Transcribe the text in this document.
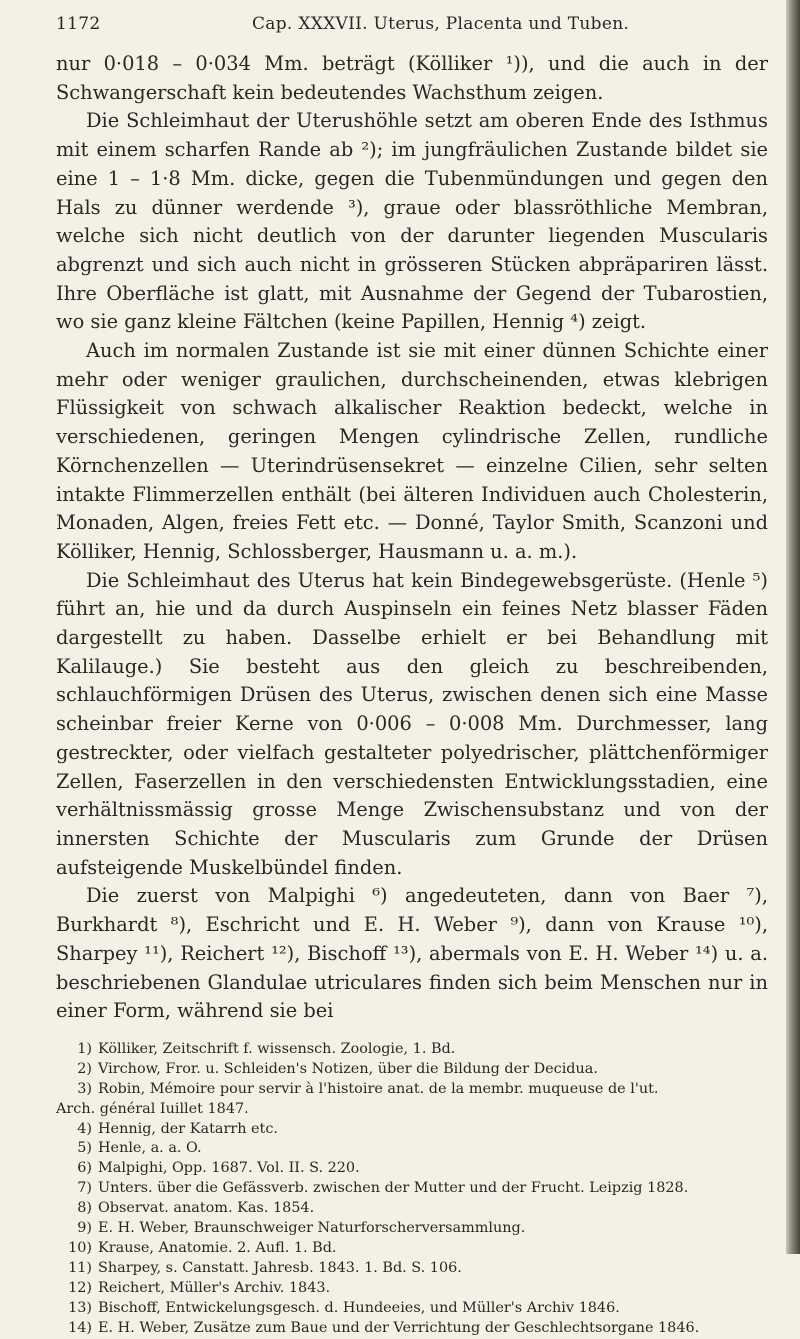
1172	Cap. XXXVII. Uterus, Placenta und Tuben.

nur 0·018 – 0·034 Mm. beträgt (Kölliker ¹)), und die auch in der Schwangerschaft kein bedeutendes Wachsthum zeigen.

Die Schleimhaut der Uterushöhle setzt am oberen Ende des Isthmus mit einem scharfen Rande ab ²); im jungfräulichen Zustande bildet sie eine 1 – 1·8 Mm. dicke, gegen die Tubenmündungen und gegen den Hals zu dünner werdende ³), graue oder blassröthliche Membran, welche sich nicht deutlich von der darunter liegenden Muscularis abgrenzt und sich auch nicht in grösseren Stücken abpräpariren lässt. Ihre Oberfläche ist glatt, mit Ausnahme der Gegend der Tubarostien, wo sie ganz kleine Fältchen (keine Papillen, Hennig ⁴) zeigt.

Auch im normalen Zustande ist sie mit einer dünnen Schichte einer mehr oder weniger graulichen, durchscheinenden, etwas klebrigen Flüssigkeit von schwach alkalischer Reaktion bedeckt, welche in verschiedenen, geringen Mengen cylindrische Zellen, rundliche Körnchenzellen — Uterindrüsensekret — einzelne Cilien, sehr selten intakte Flimmerzellen enthält (bei älteren Individuen auch Cholesterin, Monaden, Algen, freies Fett etc. — Donné, Taylor Smith, Scanzoni und Kölliker, Hennig, Schlossberger, Hausmann u. a. m.).

Die Schleimhaut des Uterus hat kein Bindegewebsgerüste. (Henle ⁵) führt an, hie und da durch Auspinseln ein feines Netz blasser Fäden dargestellt zu haben. Dasselbe erhielt er bei Behandlung mit Kalilauge.) Sie besteht aus den gleich zu beschreibenden, schlauchförmigen Drüsen des Uterus, zwischen denen sich eine Masse scheinbar freier Kerne von 0·006 – 0·008 Mm. Durchmesser, lang gestreckter, oder vielfach gestalteter polyedrischer, plättchenförmiger Zellen, Faserzellen in den verschiedensten Entwicklungsstadien, eine verhältnissmässig grosse Menge Zwischensubstanz und von der innersten Schichte der Muscularis zum Grunde der Drüsen aufsteigende Muskelbündel finden.

Die zuerst von Malpighi ⁶) angedeuteten, dann von Baer ⁷), Burkhardt ⁸), Eschricht und E. H. Weber ⁹), dann von Krause ¹⁰), Sharpey ¹¹), Reichert ¹²), Bischoff ¹³), abermals von E. H. Weber ¹⁴) u. a. beschriebenen Glandulae utriculares finden sich beim Menschen nur in einer Form, während sie bei

1) Kölliker, Zeitschrift f. wissensch. Zoologie, 1. Bd.
2) Virchow, Fror. u. Schleiden's Notizen, über die Bildung der Decidua.
3) Robin, Mémoire pour servir à l'histoire anat. de la membr. muqueuse de l'ut.
Arch. général Iuillet 1847.
4) Hennig, der Katarrh etc.
5) Henle, a. a. O.
6) Malpighi, Opp. 1687. Vol. II. S. 220.
7) Unters. über die Gefässverb. zwischen der Mutter und der Frucht. Leipzig 1828.
8) Observat. anatom. Kas. 1854.
9) E. H. Weber, Braunschweiger Naturforscherversammlung.
10) Krause, Anatomie. 2. Aufl. 1. Bd.
11) Sharpey, s. Canstatt. Jahresb. 1843. 1. Bd. S. 106.
12) Reichert, Müller's Archiv. 1843.
13) Bischoff, Entwickelungsgesch. d. Hundeeies, und Müller's Archiv 1846.
14) E. H. Weber, Zusätze zum Baue und der Verrichtung der Geschlechtsorgane 1846.
